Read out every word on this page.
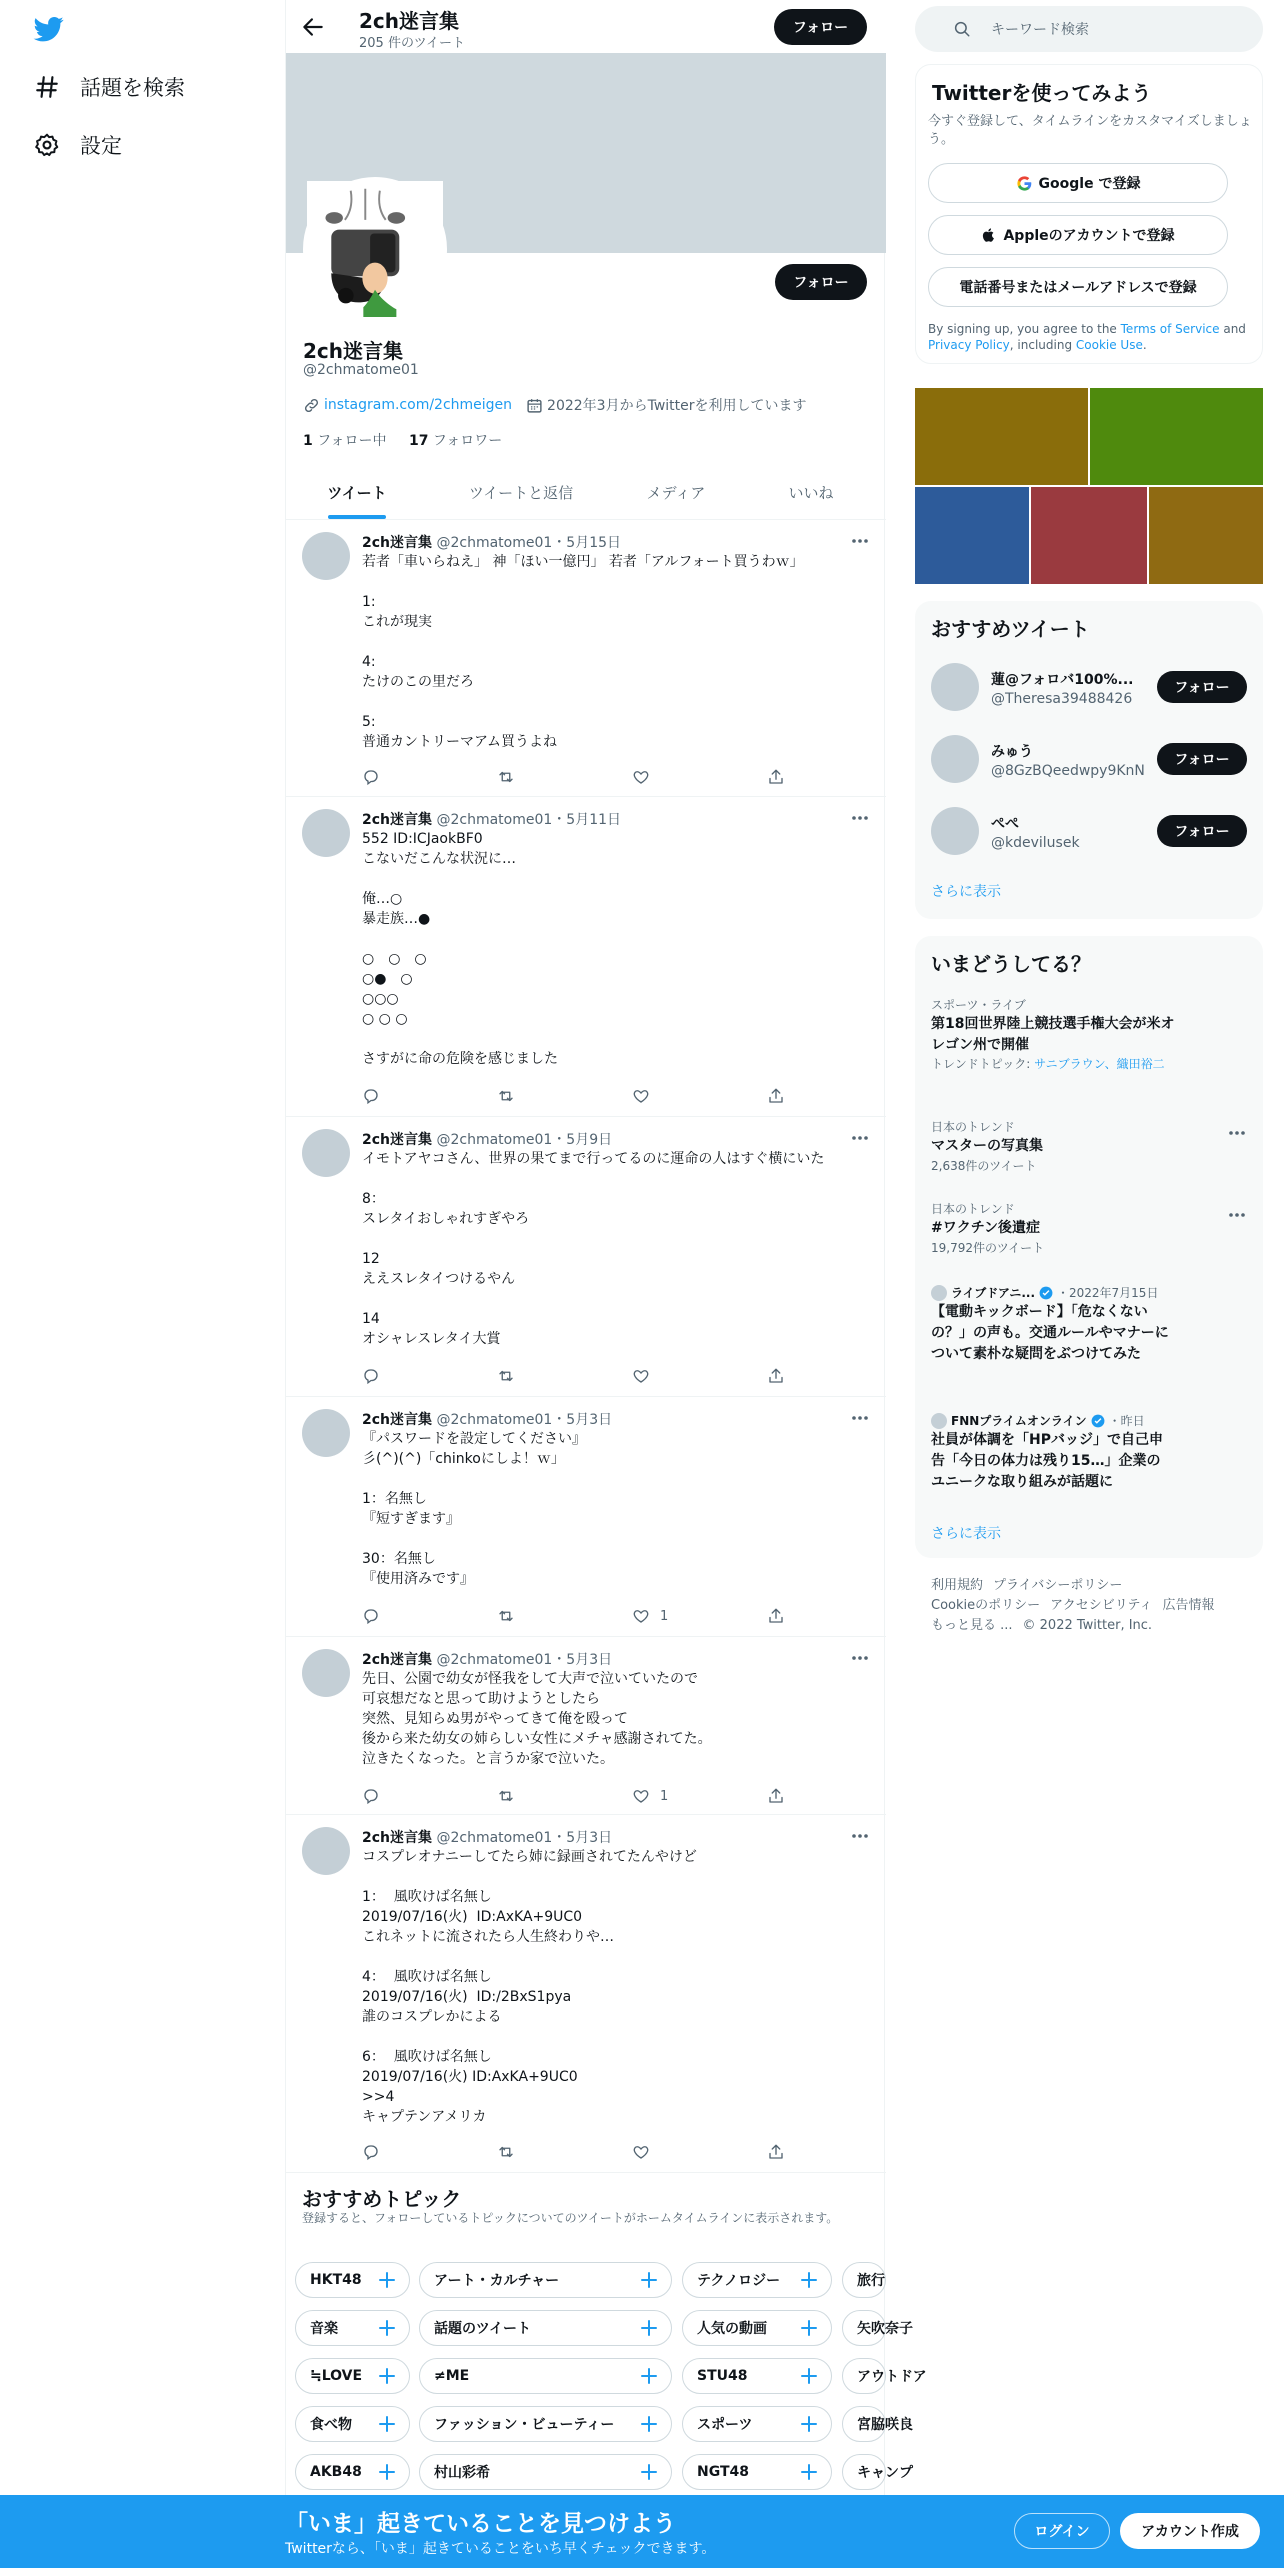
話題を検索
設定
2ch迷言集
205 件のツイート
フォロー
フォロー
2ch迷言集
@2chmatome01
instagram.com/2chmeigen	2022年3月からTwitterを利用しています
1 フォロー中 17 フォロワー
ツイート	ツイートと返信	メディア	いいね
2ch迷言集 @2chmatome01・5月15日
若者「車いらねえ」 神「ほい一億円」 若者「アルフォート買うわｗ」

1:
これが現実

4:
たけのこの里だろ

5:
普通カントリーマアム買うよね
2ch迷言集 @2chmatome01・5月11日
552 ID:ICJaokBF0
こないだこんな状況に…

俺…○
暴走族…●

○　○　○
○●　○
○○○
○ ○ ○

さすがに命の危険を感じました
2ch迷言集 @2chmatome01・5月9日
イモトアヤコさん、世界の果てまで行ってるのに運命の人はすぐ横にいた

8：
スレタイおしゃれすぎやろ

12
ええスレタイつけるやん

14
オシャレスレタイ大賞
2ch迷言集 @2chmatome01・5月3日
『パスワードを設定してください』
彡(^)(^)「chinkoにしよ！ｗ」

1：名無し
『短すぎます』

30：名無し
『使用済みです』
1
2ch迷言集 @2chmatome01・5月3日
先日、公園で幼女が怪我をして大声で泣いていたので
可哀想だなと思って助けようとしたら
突然、見知らぬ男がやってきて俺を殴って
後から来た幼女の姉らしい女性にメチャ感謝されてた。
泣きたくなった。と言うか家で泣いた。
1
2ch迷言集 @2chmatome01・5月3日
コスプレオナニーしてたら姉に録画されてたんやけど

1：  風吹けば名無し
2019/07/16(火)  ID:AxKA+9UC0
これネットに流されたら人生終わりや…

4：  風吹けば名無し
2019/07/16(火)  ID:/2BxS1pya
誰のコスプレかによる

6：  風吹けば名無し
2019/07/16(火) ID:AxKA+9UC0
>>4
キャプテンアメリカ
おすすめトピック
登録すると、フォローしているトピックについてのツイートがホームタイムラインに表示されます。
HKT48	アート・カルチャー	テクノロジー	旅行
音楽	話題のツイート	人気の動画	矢吹奈子
≒LOVE	≠ME	STU48	アウトドア
食べ物	ファッション・ビューティー	スポーツ	宮脇咲良
AKB48	村山彩希	NGT48	キャンプ
キーワード検索
Twitterを使ってみよう
今すぐ登録して、タイムラインをカスタマイズしましょう。
Google で登録
Appleのアカウントで登録
電話番号またはメールアドレスで登録
By signing up, you agree to the Terms of Service and Privacy Policy, including Cookie Use.
おすすめツイート
蓮@フォロバ100%...
@Theresa39488426
フォロー
みゅう
@8GzBQeedwpy9KnN
フォロー
ぺぺ
@kdevilusek
フォロー
さらに表示
いまどうしてる？
スポーツ・ライブ
第18回世界陸上競技選手権大会が米オレゴン州で開催
トレンドトピック: サニブラウン、織田裕二
日本のトレンド
マスターの写真集
2,638件のツイート
日本のトレンド
#ワクチン後遺症
19,792件のツイート
ライブドアニ... ・2022年7月15日
【電動キックボード】「危なくないの？」の声も。交通ルールやマナーについて素朴な疑問をぶつけてみた
FNNプライムオンライン ・昨日
社員が体調を「HPバッジ」で自己申告「今日の体力は残り15…」企業のユニークな取り組みが話題に
さらに表示
利用規約 プライバシーポリシー
Cookieのポリシー アクセシビリティ 広告情報
もっと見る ... © 2022 Twitter, Inc.
「いま」起きていることを見つけよう
Twitterなら、「いま」起きていることをいち早くチェックできます。
ログイン	アカウント作成
